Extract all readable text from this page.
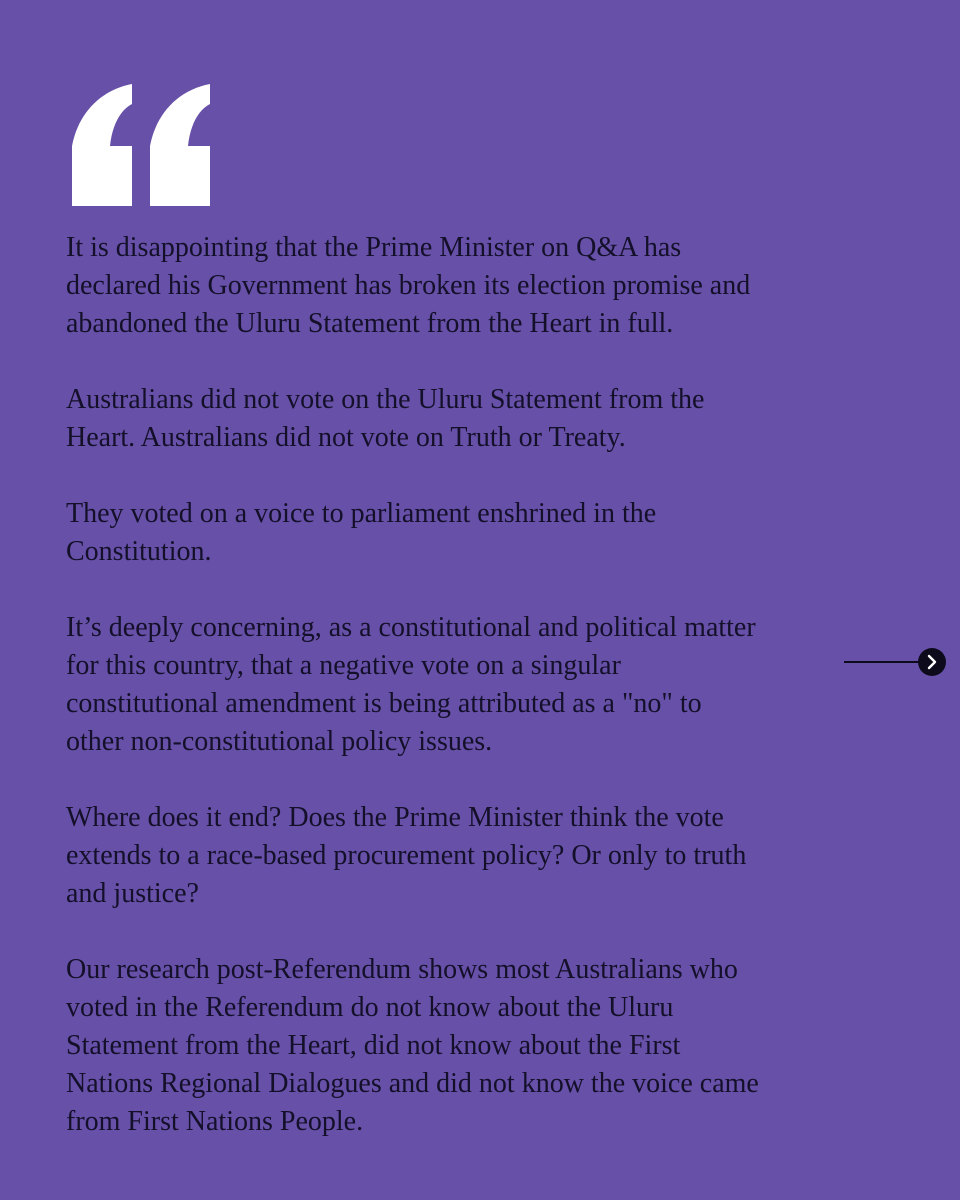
It is disappointing that the Prime Minister on Q&A has
declared his Government has broken its election promise and
abandoned the Uluru Statement from the Heart in full.

Australians did not vote on the Uluru Statement from the
Heart. Australians did not vote on Truth or Treaty.

They voted on a voice to parliament enshrined in the
Constitution.

It’s deeply concerning, as a constitutional and political matter
for this country, that a negative vote on a singular
constitutional amendment is being attributed as a "no" to
other non-constitutional policy issues.

Where does it end? Does the Prime Minister think the vote
extends to a race-based procurement policy? Or only to truth
and justice?

Our research post-Referendum shows most Australians who
voted in the Referendum do not know about the Uluru
Statement from the Heart, did not know about the First
Nations Regional Dialogues and did not know the voice came
from First Nations People.
